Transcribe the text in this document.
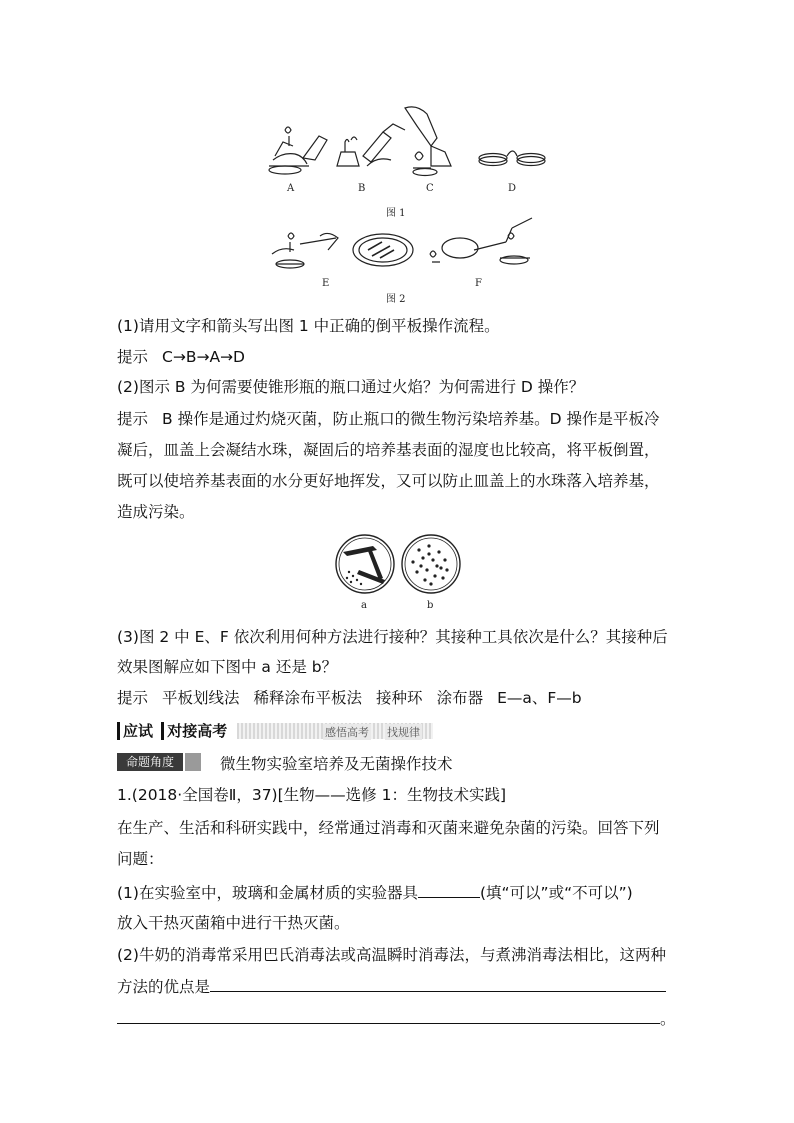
A	B	C	D
图 1
E	F
图 2
(1)请用文字和箭头写出图 1 中正确的倒平板操作流程。
提示 C→B→A→D
(2)图示 B 为何需要使锥形瓶的瓶口通过火焰？为何需进行 D 操作？
提示 B 操作是通过灼烧灭菌，防止瓶口的微生物污染培养基。D 操作是平板冷
凝后，皿盖上会凝结水珠，凝固后的培养基表面的湿度也比较高，将平板倒置，
既可以使培养基表面的水分更好地挥发，又可以防止皿盖上的水珠落入培养基，
造成污染。
a	b
(3)图 2 中 E、F 依次利用何种方法进行接种？其接种工具依次是什么？其接种后
效果图解应如下图中 a 还是 b？
提示 平板划线法 稀释涂布平板法 接种环 涂布器 E—a、F—b
应试 对接高考	感悟高考 找规律
命题角度	微生物实验室培养及无菌操作技术
1.(2018·全国卷Ⅱ，37)[生物——选修 1：生物技术实践]
在生产、生活和科研实践中，经常通过消毒和灭菌来避免杂菌的污染。回答下列
问题：
(1)在实验室中，玻璃和金属材质的实验器具	(填“可以”或“不可以”)
放入干热灭菌箱中进行干热灭菌。
(2)牛奶的消毒常采用巴氏消毒法或高温瞬时消毒法，与煮沸消毒法相比，这两种
方法的优点是
。
